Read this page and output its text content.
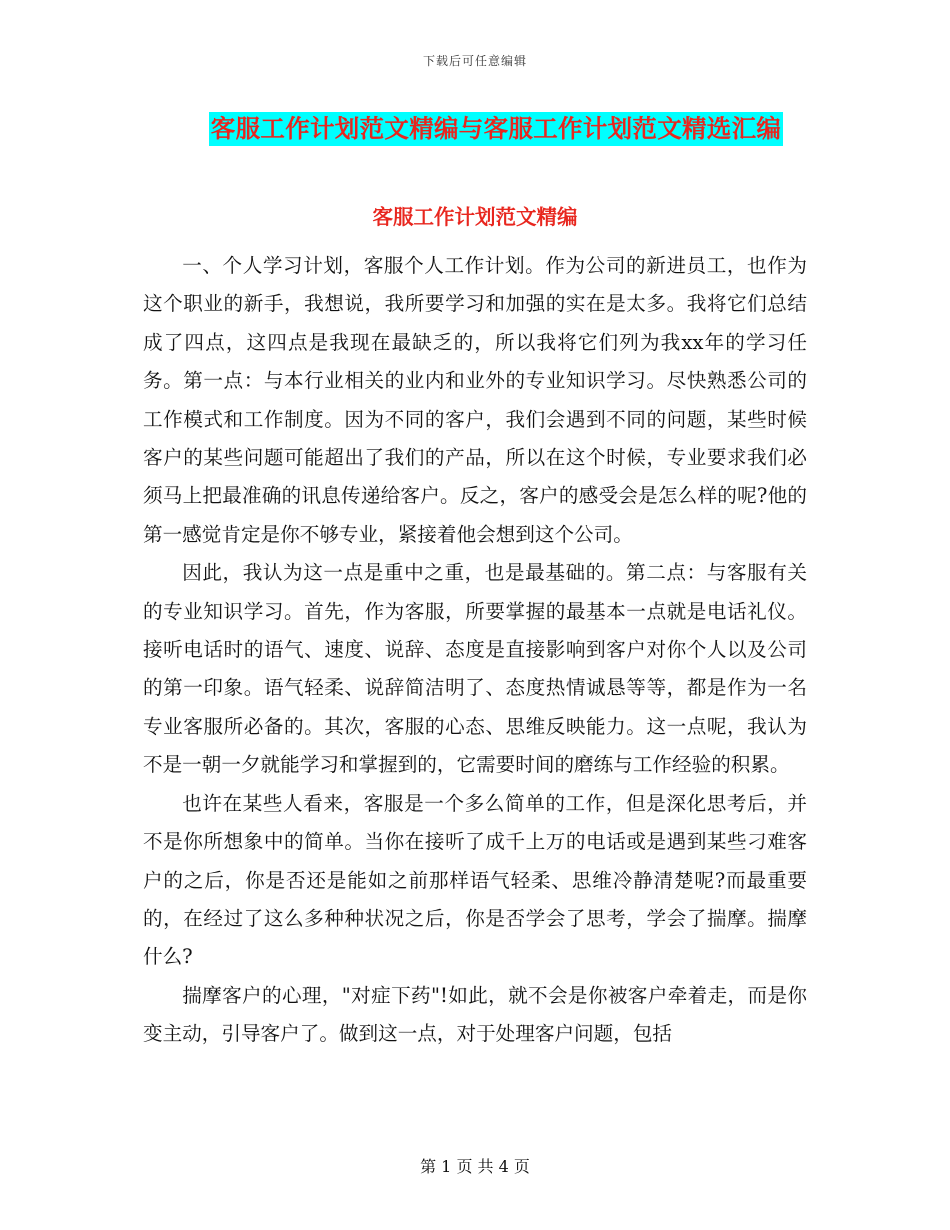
下载后可任意编辑
客服工作计划范文精编与客服工作计划范文精选汇编
客服工作计划范文精编

一、个人学习计划，客服个人工作计划。作为公司的新进员工，也作为这个职业的新手，我想说，我所要学习和加强的实在是太多。我将它们总结成了四点，这四点是我现在最缺乏的，所以我将它们列为我xx年的学习任务。第一点：与本行业相关的业内和业外的专业知识学习。尽快熟悉公司的工作模式和工作制度。因为不同的客户，我们会遇到不同的问题，某些时候客户的某些问题可能超出了我们的产品，所以在这个时候，专业要求我们必须马上把最准确的讯息传递给客户。反之，客户的感受会是怎么样的呢?他的第一感觉肯定是你不够专业，紧接着他会想到这个公司。

因此，我认为这一点是重中之重，也是最基础的。第二点：与客服有关的专业知识学习。首先，作为客服，所要掌握的最基本一点就是电话礼仪。接听电话时的语气、速度、说辞、态度是直接影响到客户对你个人以及公司的第一印象。语气轻柔、说辞简洁明了、态度热情诚恳等等，都是作为一名专业客服所必备的。其次，客服的心态、思维反映能力。这一点呢，我认为不是一朝一夕就能学习和掌握到的，它需要时间的磨练与工作经验的积累。

也许在某些人看来，客服是一个多么简单的工作，但是深化思考后，并不是你所想象中的简单。当你在接听了成千上万的电话或是遇到某些刁难客户的之后，你是否还是能如之前那样语气轻柔、思维冷静清楚呢?而最重要的，在经过了这么多种种状况之后，你是否学会了思考，学会了揣摩。揣摩什么?

揣摩客户的心理，"对症下药"!如此，就不会是你被客户牵着走，而是你变主动，引导客户了。做到这一点，对于处理客户问题，包括

第 1 页 共 4 页
